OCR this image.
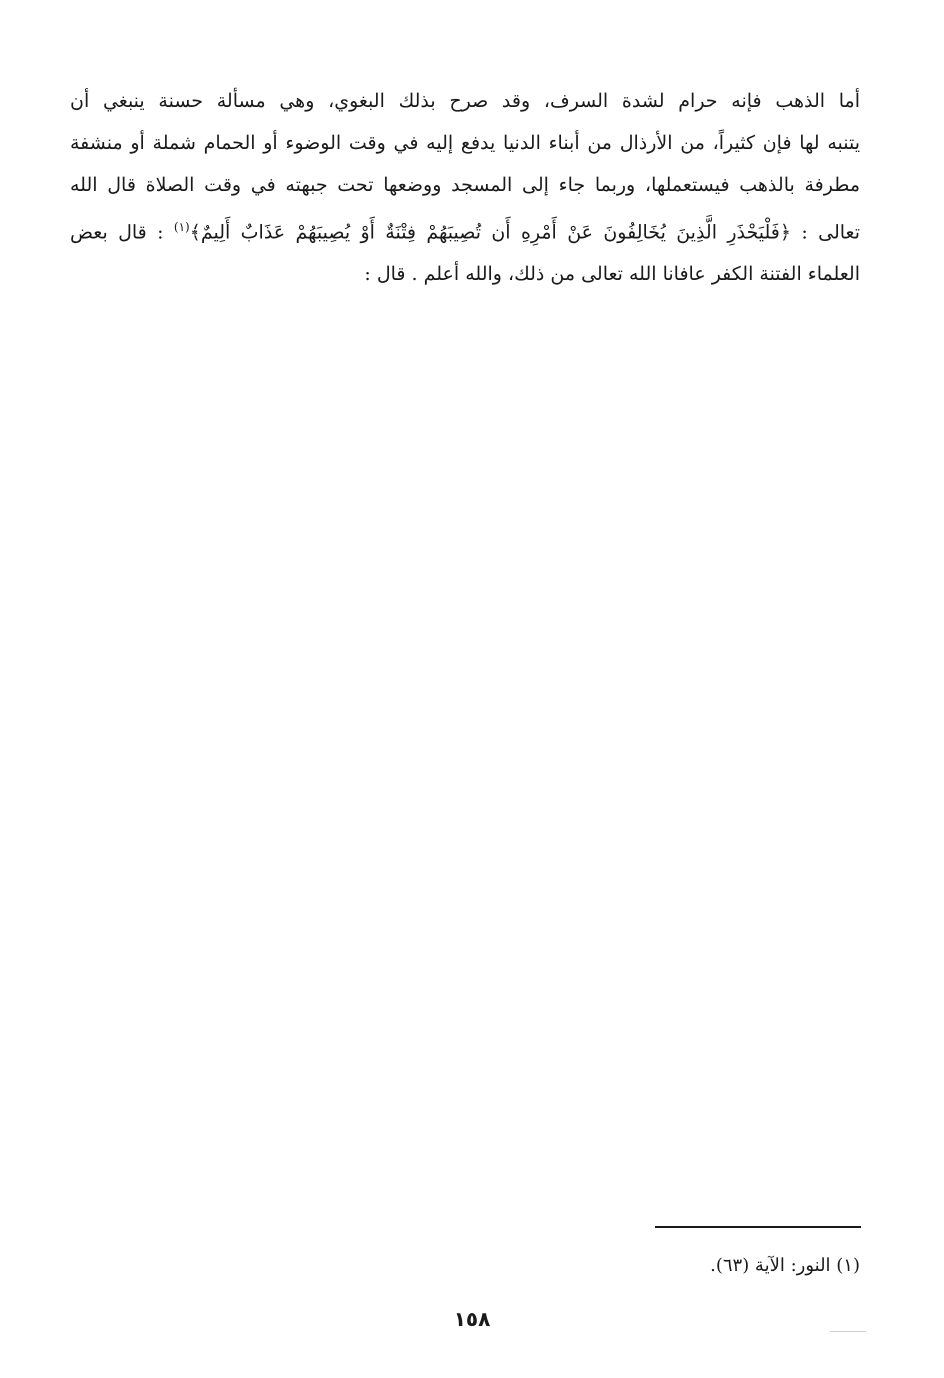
أما الذهب فإنه حرام لشدة السرف، وقد صرح بذلك البغوي، وهي مسألة حسنة ينبغي أن
يتنبه لها فإن كثيراً، من الأرذال من أبناء الدنيا يدفع إليه في وقت الوضوء أو الحمام شملة أو منشفة
مطرفة بالذهب فيستعملها، وربما جاء إلى المسجد ووضعها تحت جبهته في وقت الصلاة قال الله
تعالى : ﴿فَلْيَحْذَرِ الَّذِينَ يُخَالِفُونَ عَنْ أَمْرِهِ أَن تُصِيبَهُمْ فِتْنَةٌ أَوْ يُصِيبَهُمْ عَذَابٌ أَلِيمٌ﴾$^{(١)}$ : قال بعض
العلماء الفتنة الكفر عافانا الله تعالى من ذلك، والله أعلم . قال :
(١) النور: الآية (٦٣).
١٥٨
